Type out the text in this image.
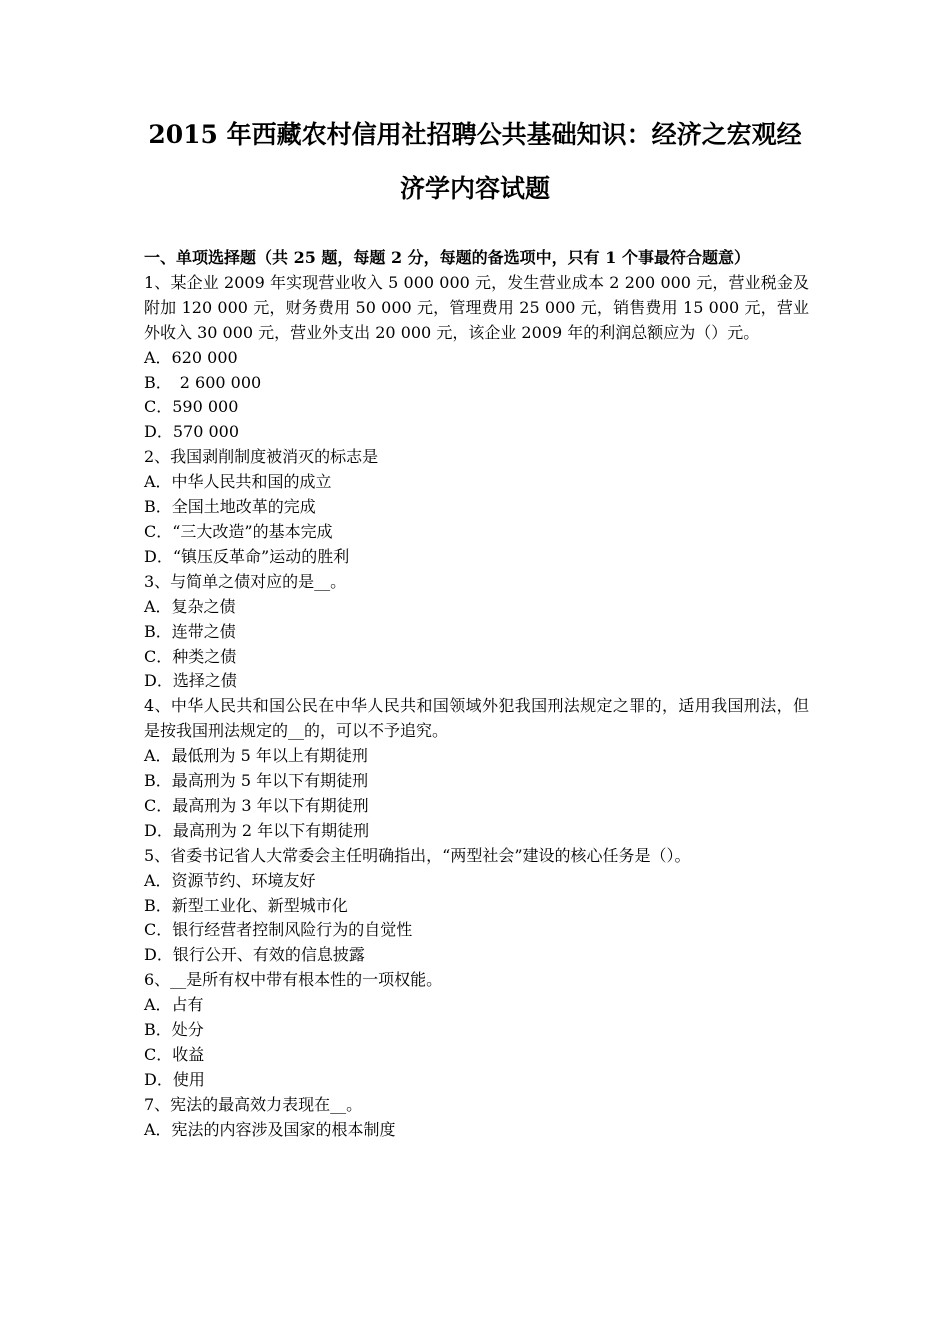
2015 年西藏农村信用社招聘公共基础知识：经济之宏观经
济学内容试题
一、单项选择题（共 25 题，每题 2 分，每题的备选项中，只有 1 个事最符合题意）
1、某企业 2009 年实现营业收入 5 000 000 元，发生营业成本 2 200 000 元，营业税金及附加 120 000 元，财务费用 50 000 元，管理费用 25 000 元，销售费用 15 000 元，营业外收入 30 000 元，营业外支出 20 000 元，该企业 2009 年的利润总额应为（）元。
A．620 000
B．　2 600 000
C．590 000
D．570 000
2、我国剥削制度被消灭的标志是
A．中华人民共和国的成立
B．全国土地改革的完成
C．“三大改造”的基本完成
D．“镇压反革命”运动的胜利
3、与简单之债对应的是__。
A．复杂之债
B．连带之债
C．种类之债
D．选择之债
4、中华人民共和国公民在中华人民共和国领域外犯我国刑法规定之罪的，适用我国刑法，但是按我国刑法规定的__的，可以不予追究。
A．最低刑为 5 年以上有期徒刑
B．最高刑为 5 年以下有期徒刑
C．最高刑为 3 年以下有期徒刑
D．最高刑为 2 年以下有期徒刑
5、省委书记省人大常委会主任明确指出，“两型社会”建设的核心任务是（）。
A．资源节约、环境友好
B．新型工业化、新型城市化
C．银行经营者控制风险行为的自觉性
D．银行公开、有效的信息披露
6、__是所有权中带有根本性的一项权能。
A．占有
B．处分
C．收益
D．使用
7、宪法的最高效力表现在__。
A．宪法的内容涉及国家的根本制度
